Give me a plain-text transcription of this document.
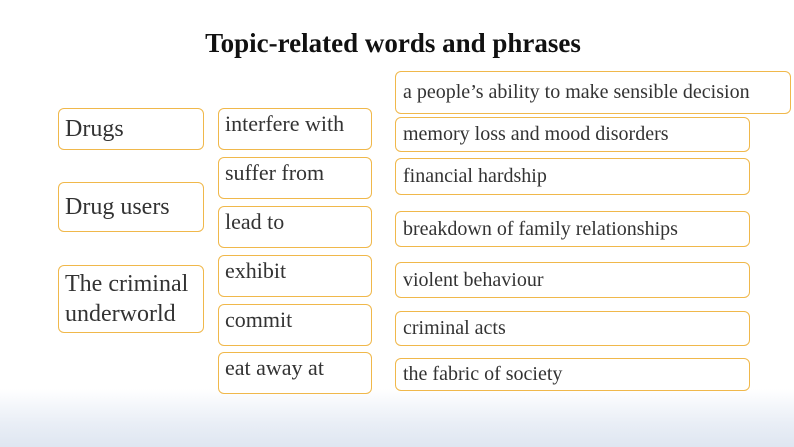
Topic-related words and phrases
Drugs
Drug users
The criminal underworld
interfere with
suffer from
lead to
exhibit
commit
eat away at
a people’s ability to make sensible decision
memory loss and mood disorders
financial hardship
breakdown of family relationships
violent behaviour
criminal acts
the fabric of society
